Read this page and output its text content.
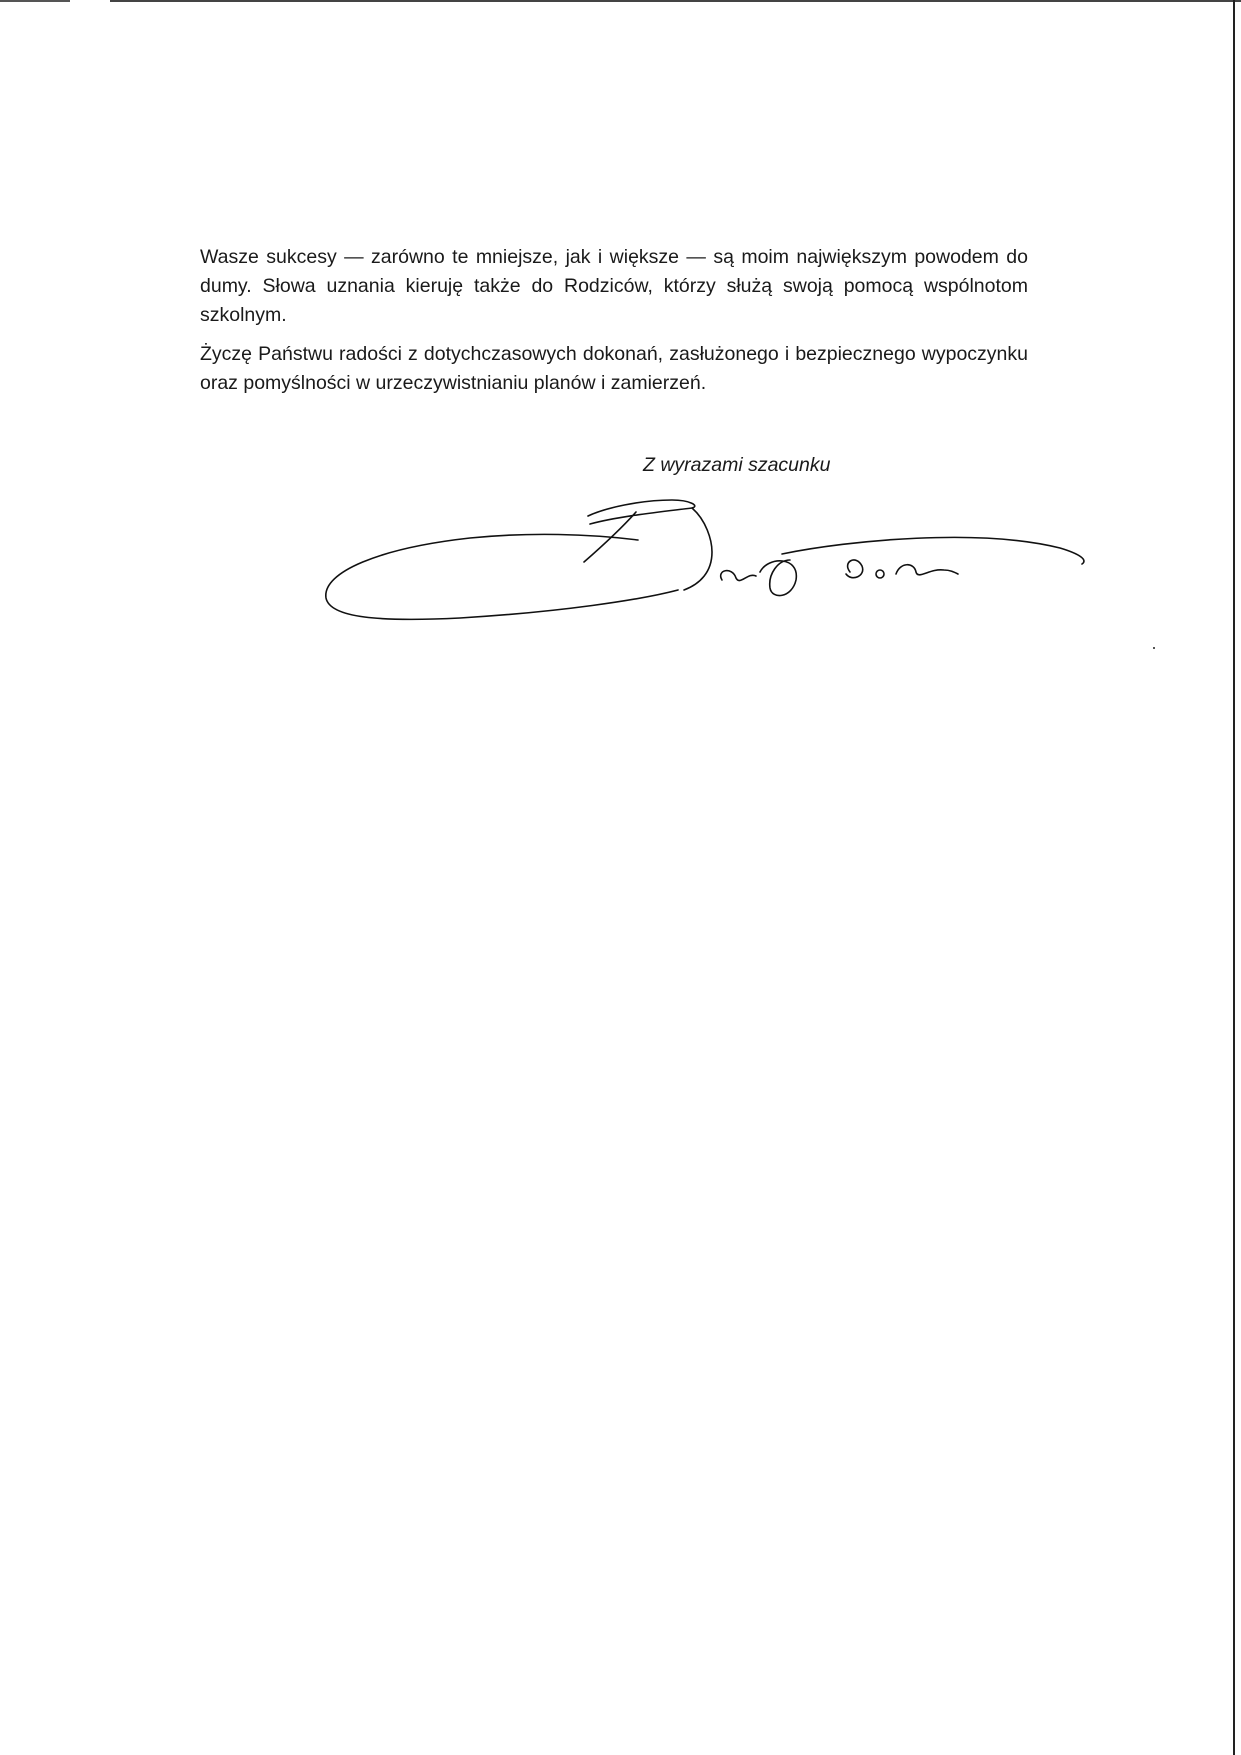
Wasze sukcesy — zarówno te mniejsze, jak i większe — są moim największym powodem do dumy. Słowa uznania kieruję także do Rodziców, którzy służą swoją pomocą wspólnotom szkolnym.

Życzę Państwu radości z dotychczasowych dokonań, zasłużonego i bezpiecznego wypoczynku oraz pomyślności w urzeczywistnianiu planów i zamierzeń.

Z wyrazami szacunku
